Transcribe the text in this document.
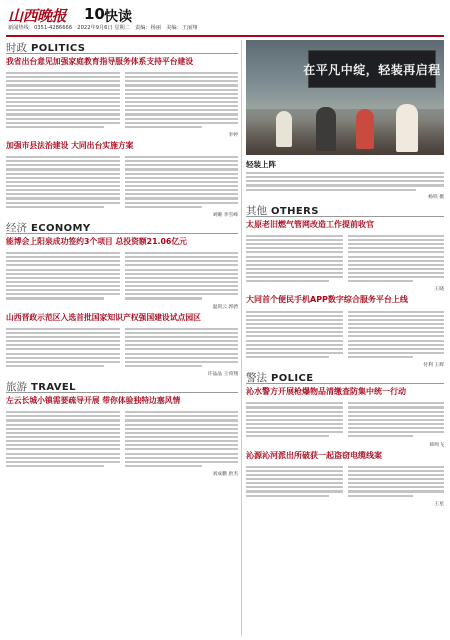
山西晚报 10 快读
新闻热线：0351-4286666　2022年9月6日 星期二　责编：杨丽　美编：王丽翔
时政 POLITICS
我省出台意见加强家庭教育指导服务体系支持平台建设
李婷
加强市县法治建设 大同出台实施方案
刘姗 李雪峰
经济 ECONOMY
能博会上阳泉成功签约3个项目 总投资额21.06亿元
温剑云 郭骋
山西晋政示范区入选首批国家知识产权强国建设试点园区
许晶晶 王舜翔
旅游 TRAVEL
左云长城小镇需要疏导开展 带你体验独特边塞风情
刘成鹏 唐杰
在平凡中绽，轻装再启程
轻装上阵
杨铁 摄
其他 OTHERS
太原老旧燃气管网改造工作提前收官
王晓
大同首个便民手机APP数字综合服务平台上线
付利 王辉
警法 POLICE
沁水警方开展枪爆物品清缴查防集中统一行动
韩鸣飞
沁源沁河派出所破获一起盗窃电缆线案
王星
